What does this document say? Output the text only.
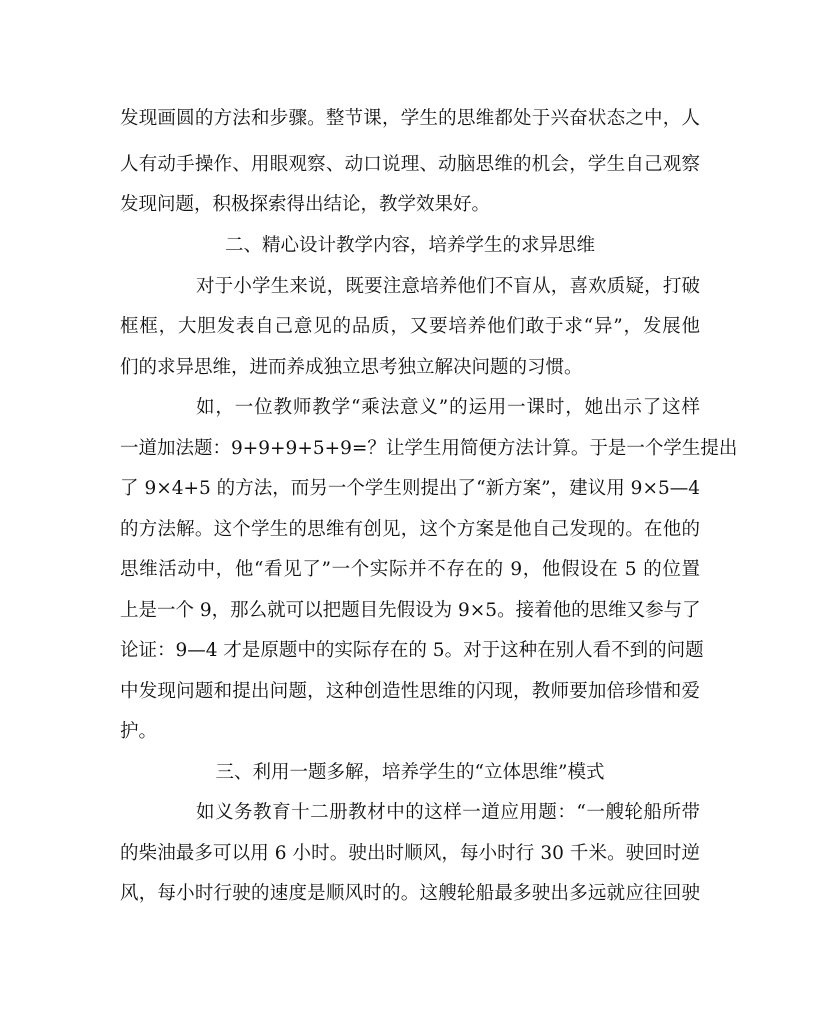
发现画圆的方法和步骤。整节课，学生的思维都处于兴奋状态之中，人
人有动手操作、用眼观察、动口说理、动脑思维的机会，学生自己观察
发现问题，积极探索得出结论，教学效果好。
二、精心设计教学内容，培养学生的求异思维
对于小学生来说，既要注意培养他们不盲从，喜欢质疑，打破
框框，大胆发表自己意见的品质，又要培养他们敢于求“异”，发展他
们的求异思维，进而养成独立思考独立解决问题的习惯。
如，一位教师教学“乘法意义”的运用一课时，她出示了这样
一道加法题：9+9+9+5+9=？让学生用简便方法计算。于是一个学生提出
了 9×4+5 的方法，而另一个学生则提出了“新方案”，建议用 9×5—4
的方法解。这个学生的思维有创见，这个方案是他自己发现的。在他的
思维活动中，他“看见了”一个实际并不存在的 9，他假设在 5 的位置
上是一个 9，那么就可以把题目先假设为 9×5。接着他的思维又参与了
论证：9—4 才是原题中的实际存在的 5。对于这种在别人看不到的问题
中发现问题和提出问题，这种创造性思维的闪现，教师要加倍珍惜和爱
护。
三、利用一题多解，培养学生的“立体思维”模式
如义务教育十二册教材中的这样一道应用题：“一艘轮船所带
的柴油最多可以用 6 小时。驶出时顺风，每小时行 30 千米。驶回时逆
风，每小时行驶的速度是顺风时的。这艘轮船最多驶出多远就应往回驶
